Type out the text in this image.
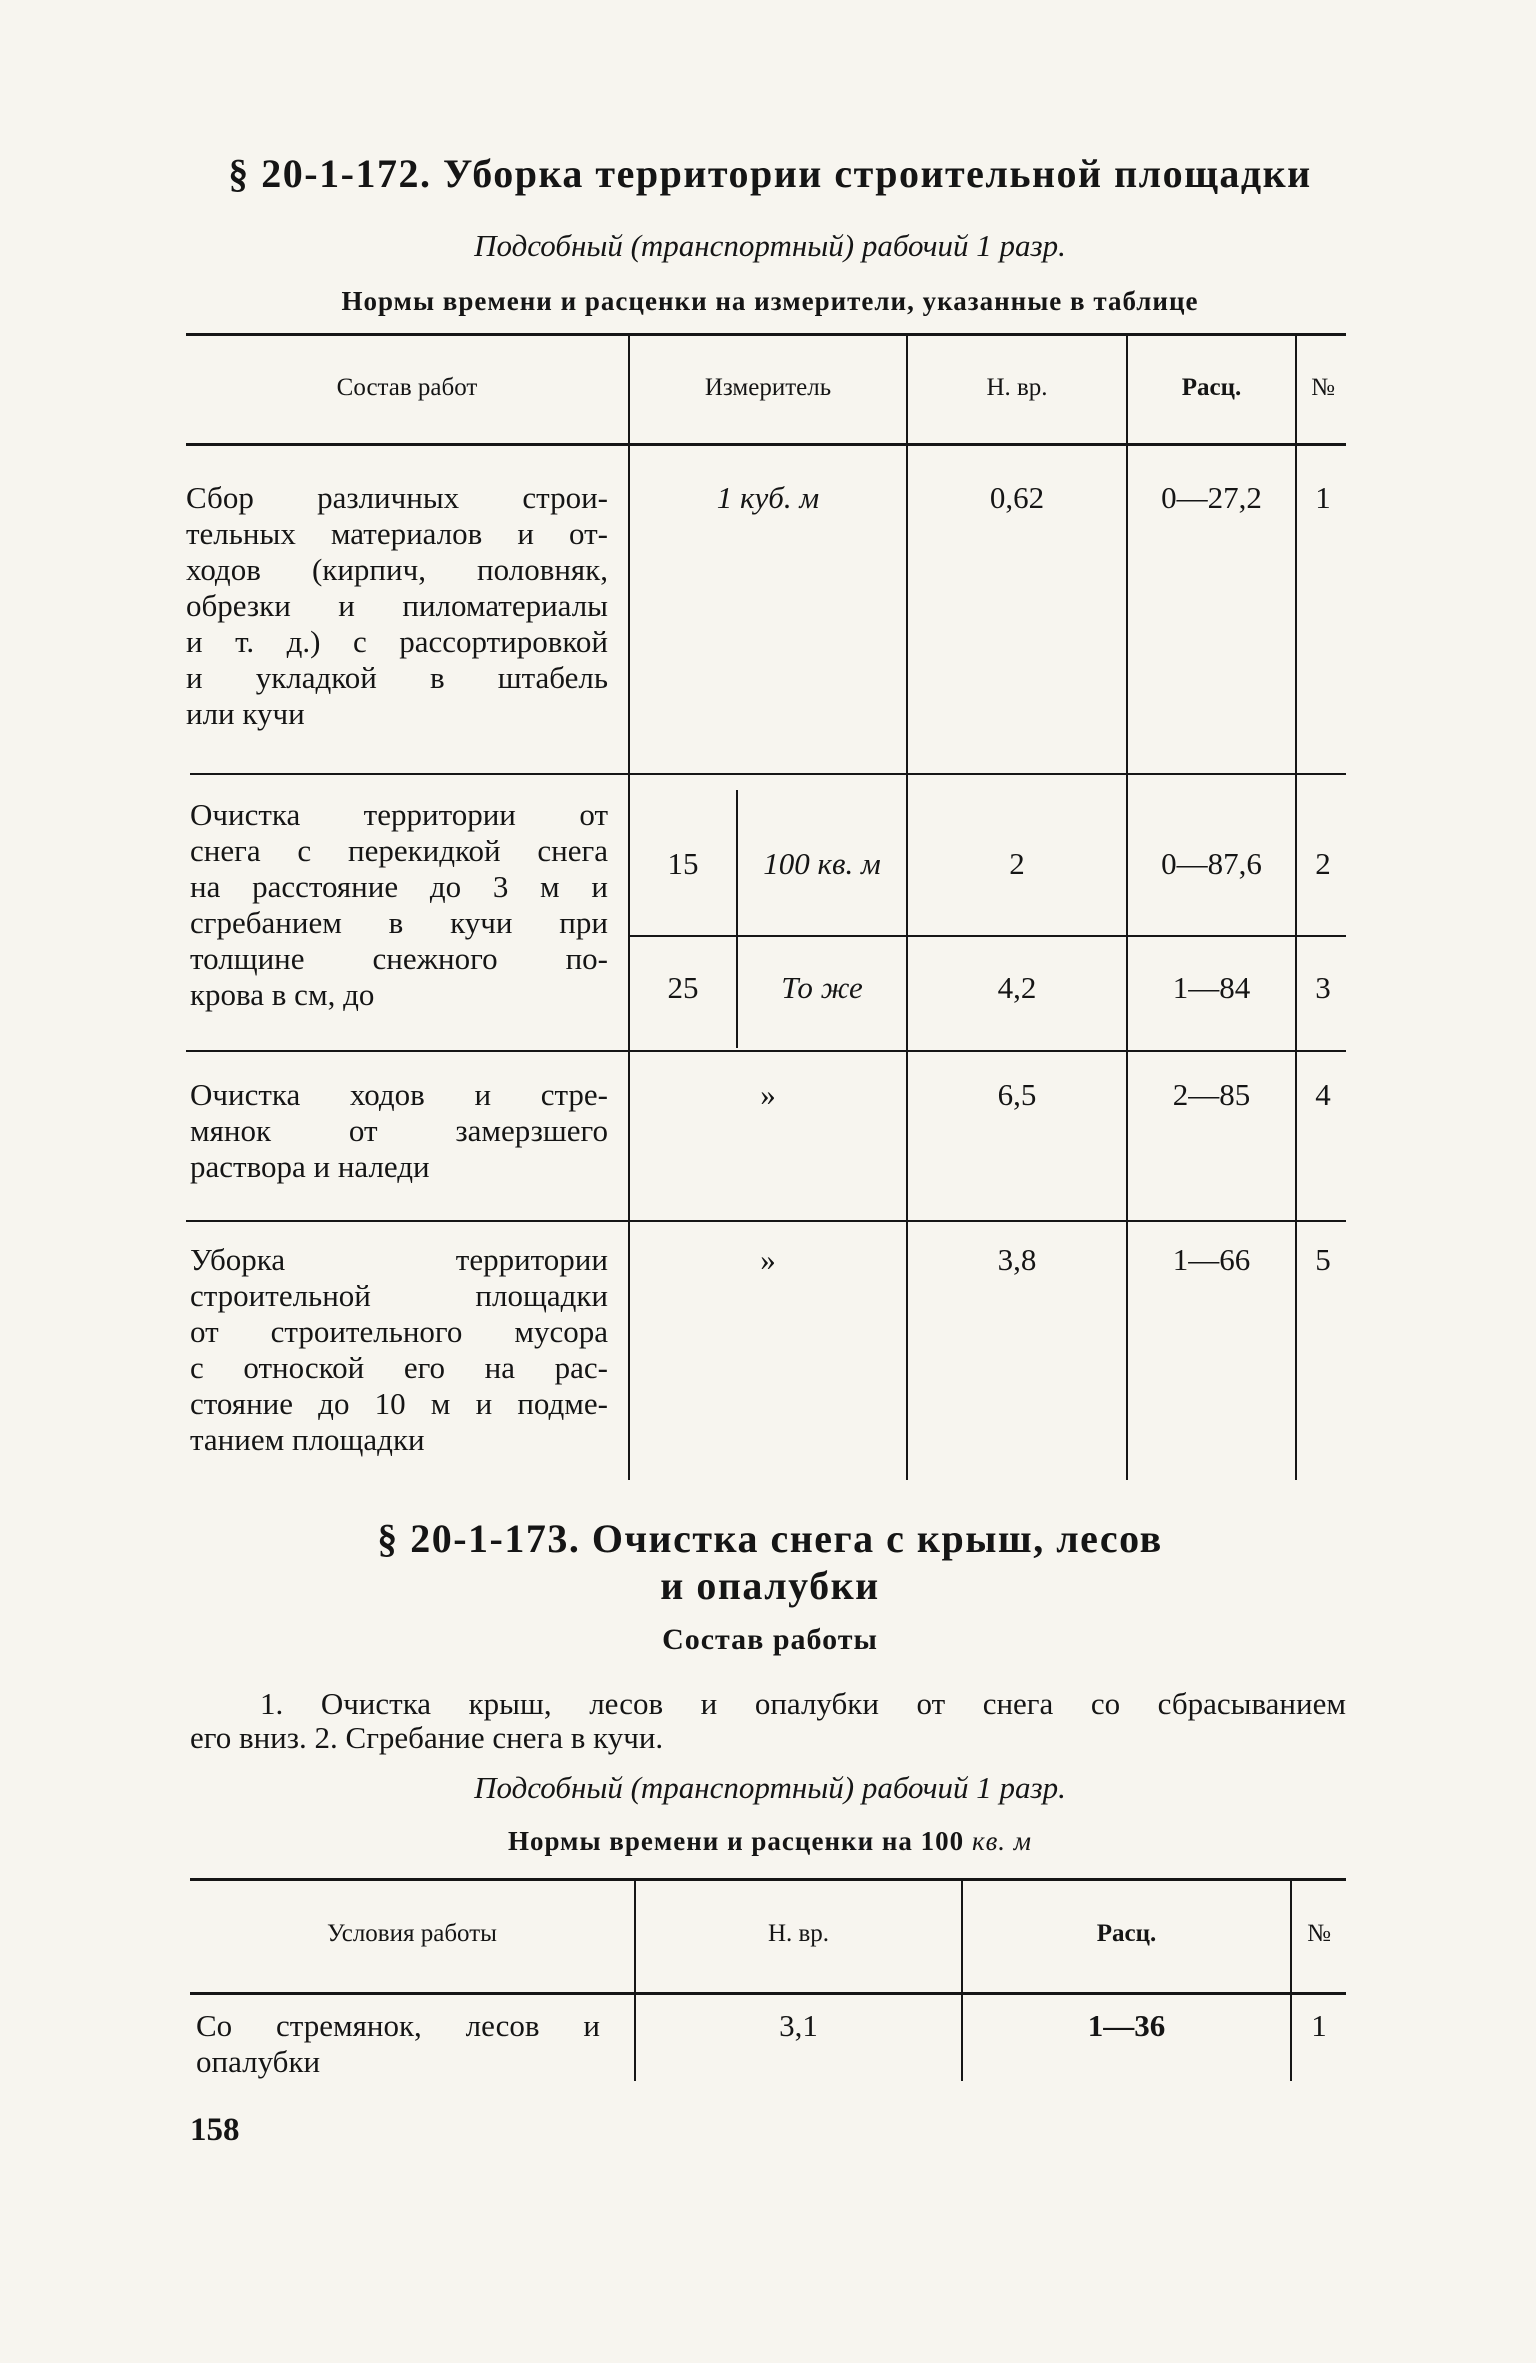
§ 20-1-172. Уборка территории строительной площадки
Подсобный (транспортный) рабочий 1 разр.
Нормы времени и расценки на измерители, указанные в таблице
Состав работ	Измеритель	Н. вр.	Расц.	№
Сбор различных строи-
тельных материалов и от-
ходов (кирпич, половняк,
обрезки и пиломатериалы
и т. д.) с рассортировкой
и укладкой в штабель
или кучи
1 куб. м	0,62	0—27,2	1
Очистка территории от
снега с перекидкой снега
на расстояние до 3 м и
сгребанием в кучи при
толщине снежного по-
крова в см, до
15	100 кв. м	2	0—87,6	2
25	То же	4,2	1—84	3
Очистка ходов и стре-
мянок от замерзшего
раствора и наледи
»	6,5	2—85	4
Уборка территории
строительной площадки
от строительного мусора
с отноской его на рас-
стояние до 10 м и подме-
танием площадки
»	3,8	1—66	5
§ 20-1-173. Очистка снега с крыш, лесов
и опалубки
Состав работы
1. Очистка крыш, лесов и опалубки от снега со сбрасыванием
его вниз. 2. Сгребание снега в кучи.
Подсобный (транспортный) рабочий 1 разр.
Нормы времени и расценки на 100 кв. м
Условия работы	Н. вр.	Расц.	№
Со стремянок, лесов и
опалубки
3,1	1—36	1
158
